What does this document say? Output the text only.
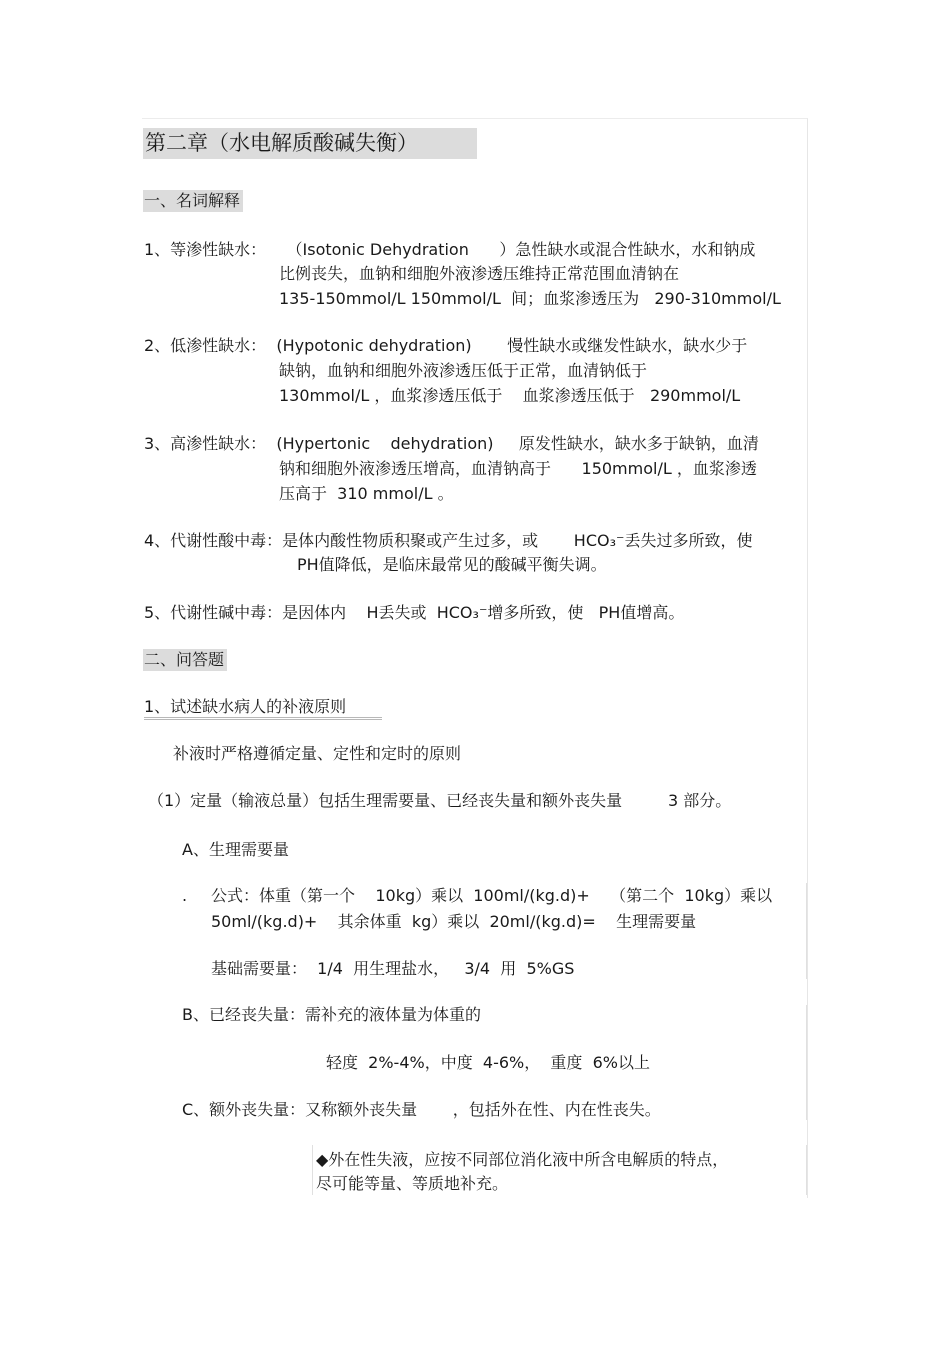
第二章（水电解质酸碱失衡）
一、名词解释
1、等渗性缺水：    （Isotonic Dehydration      ）急性缺水或混合性缺水，水和钠成
比例丧失，血钠和细胞外液渗透压维持正常范围血清钠在
135-150mmol/L 150mmol/L  间；血浆渗透压为   290-310mmol/L
2、低渗性缺水：  (Hypotonic dehydration)       慢性缺水或继发性缺水，缺水少于
缺钠，血钠和细胞外液渗透压低于正常，血清钠低于
130mmol/L ，血浆渗透压低于    血浆渗透压低于   290mmol/L
3、高渗性缺水：  (Hypertonic    dehydration)     原发性缺水，缺水多于缺钠，血清
钠和细胞外液渗透压增高，血清钠高于      150mmol/L ，血浆渗透
压高于  310 mmol/L 。
4、代谢性酸中毒：是体内酸性物质积聚或产生过多，或       HCO₃⁻丢失过多所致，使
PH值降低，是临床最常见的酸碱平衡失调。
5、代谢性碱中毒：是因体内    H丢失或  HCO₃⁻增多所致，使   PH值增高。
二、问答题
1、试述缺水病人的补液原则
补液时严格遵循定量、定性和定时的原则
（1）定量（输液总量）包括生理需要量、已经丧失量和额外丧失量         3 部分。
A、生理需要量
. 公式：体重（第一个    10kg）乘以  100ml/(kg.d)+    （第二个  10kg）乘以
50ml/(kg.d)+    其余体重  kg）乘以  20ml/(kg.d)=    生理需要量
基础需要量：  1/4  用生理盐水，   3/4  用  5%GS
B、已经丧失量：需补充的液体量为体重的
轻度  2%-4%，中度  4-6%，  重度  6%以上
C、额外丧失量：又称额外丧失量       ，包括外在性、内在性丧失。
◆外在性失液，应按不同部位消化液中所含电解质的特点，
尽可能等量、等质地补充。
